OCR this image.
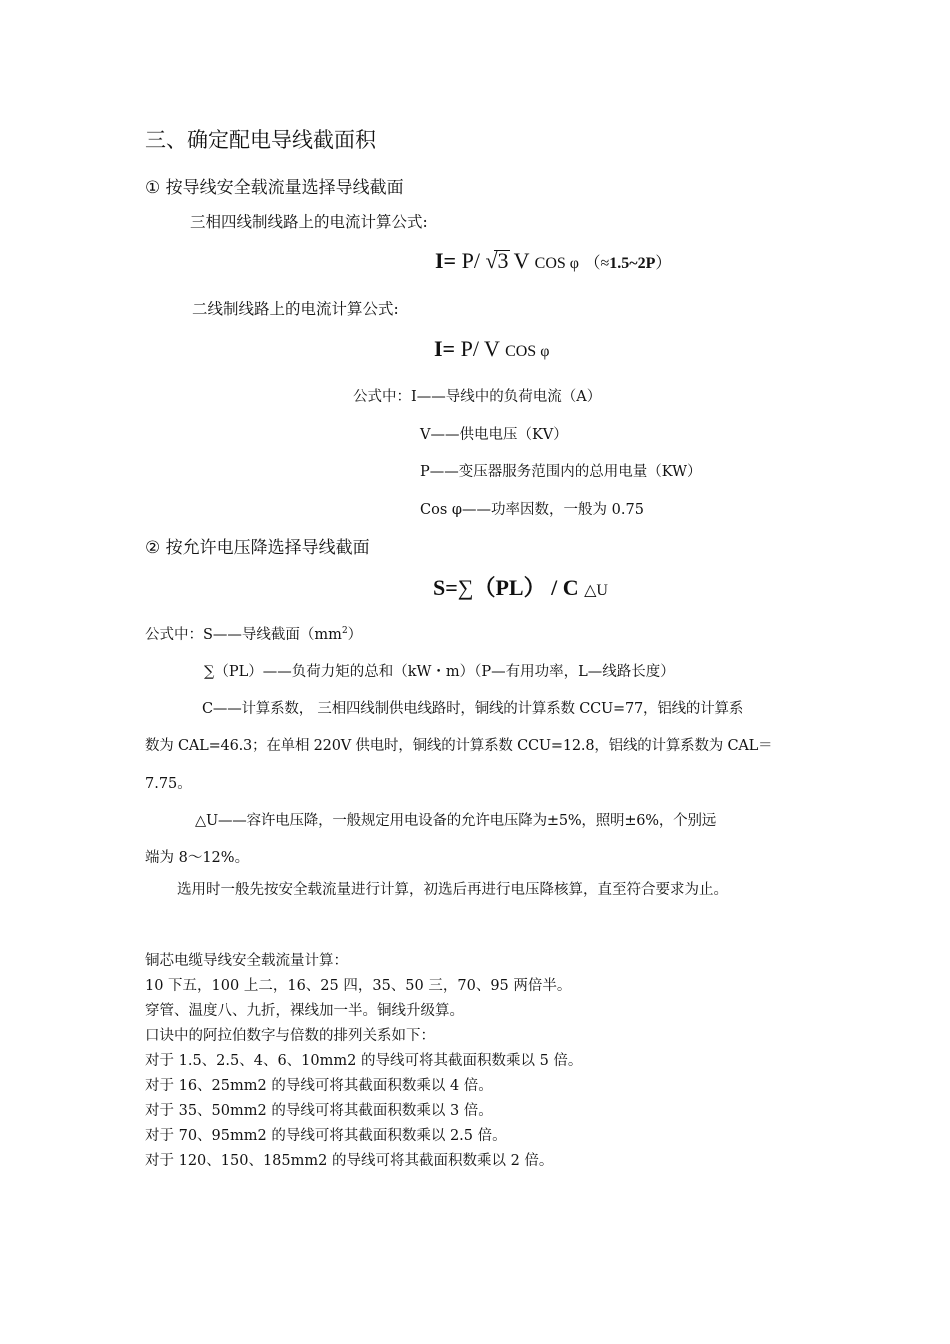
三、确定配电导线截面积
① 按导线安全载流量选择导线截面
三相四线制线路上的电流计算公式:
I= P/ √3 V COS φ （≈1.5~2P）
二线制线路上的电流计算公式:
I= P/ V COS φ
公式中：I——导线中的负荷电流（A）
V——供电电压（KV）
P——变压器服务范围内的总用电量（KW）
Cos φ——功率因数，一般为 0.75
② 按允许电压降选择导线截面
S=∑（PL） / C △U
公式中：S——导线截面$(mm^2)$
∑（PL）——负荷力矩的总和（kW・m）（P—有用功率，L—线路长度）
C——计算系数， 三相四线制供电线路时，铜线的计算系数 CCU=77，铝线的计算系
数为 CAL=46.3；在单相 220V 供电时，铜线的计算系数 CCU=12.8，铝线的计算系数为 CAL＝
7.75。
△U——容许电压降，一般规定用电设备的允许电压降为±5%，照明±6%，个别远
端为 8～12%。
选用时一般先按安全载流量进行计算，初选后再进行电压降核算，直至符合要求为止。
铜芯电缆导线安全载流量计算：
10 下五，100 上二，16、25 四，35、50 三，70、95 两倍半。
穿管、温度八、九折，裸线加一半。铜线升级算。
口诀中的阿拉伯数字与倍数的排列关系如下：
对于 1.5、2.5、4、6、10mm2 的导线可将其截面积数乘以 5 倍。
对于 16、25mm2 的导线可将其截面积数乘以 4 倍。
对于 35、50mm2 的导线可将其截面积数乘以 3 倍。
对于 70、95mm2 的导线可将其截面积数乘以 2.5 倍。
对于 120、150、185mm2 的导线可将其截面积数乘以 2 倍。
